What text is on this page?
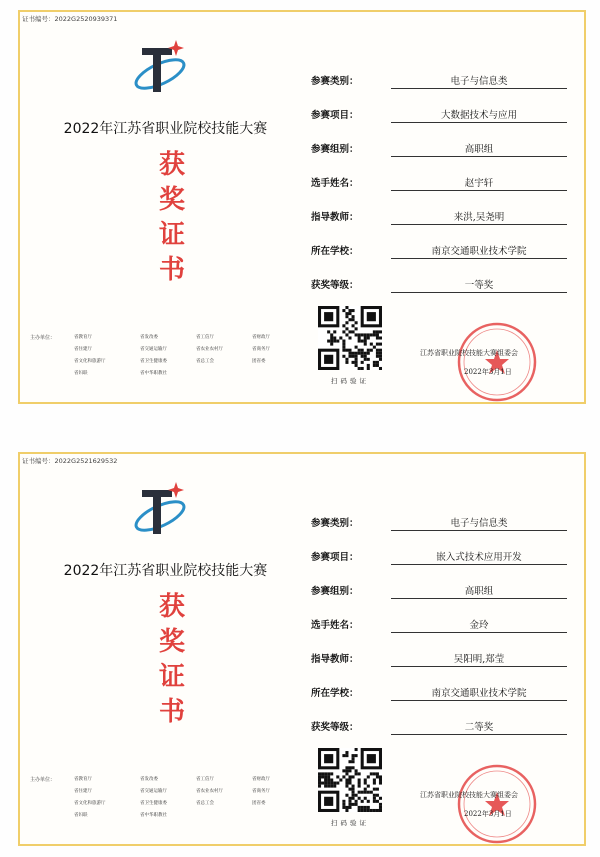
证书编号：2022G2520939371
2022年江苏省职业院校技能大赛
获
奖
证
书
主办单位：	省教育厅	省发改委	省工信厅	省财政厅
省住建厅	省交通运输厅	省农业农村厅	省商务厅
省文化和旅游厅	省卫生健康委	省总工会	团省委
省妇联	省中华职教社
参赛类别：	电子与信息类
参赛项目：	大数据技术与应用
参赛组别：	高职组
选手姓名：	赵宇轩
指导教师：	来洪,吴尧明
所在学校：	南京交通职业技术学院
获奖等级：	一等奖
扫码验证
江苏省职业院校技能大赛组委会
2022年3月1日
证书编号：2022G2521629532
2022年江苏省职业院校技能大赛
获
奖
证
书
主办单位：	省教育厅	省发改委	省工信厅	省财政厅
省住建厅	省交通运输厅	省农业农村厅	省商务厅
省文化和旅游厅	省卫生健康委	省总工会	团省委
省妇联	省中华职教社
参赛类别：	电子与信息类
参赛项目：	嵌入式技术应用开发
参赛组别：	高职组
选手姓名：	金玲
指导教师：	吴阳明,郑莹
所在学校：	南京交通职业技术学院
获奖等级：	二等奖
扫码验证
江苏省职业院校技能大赛组委会
2022年3月1日
